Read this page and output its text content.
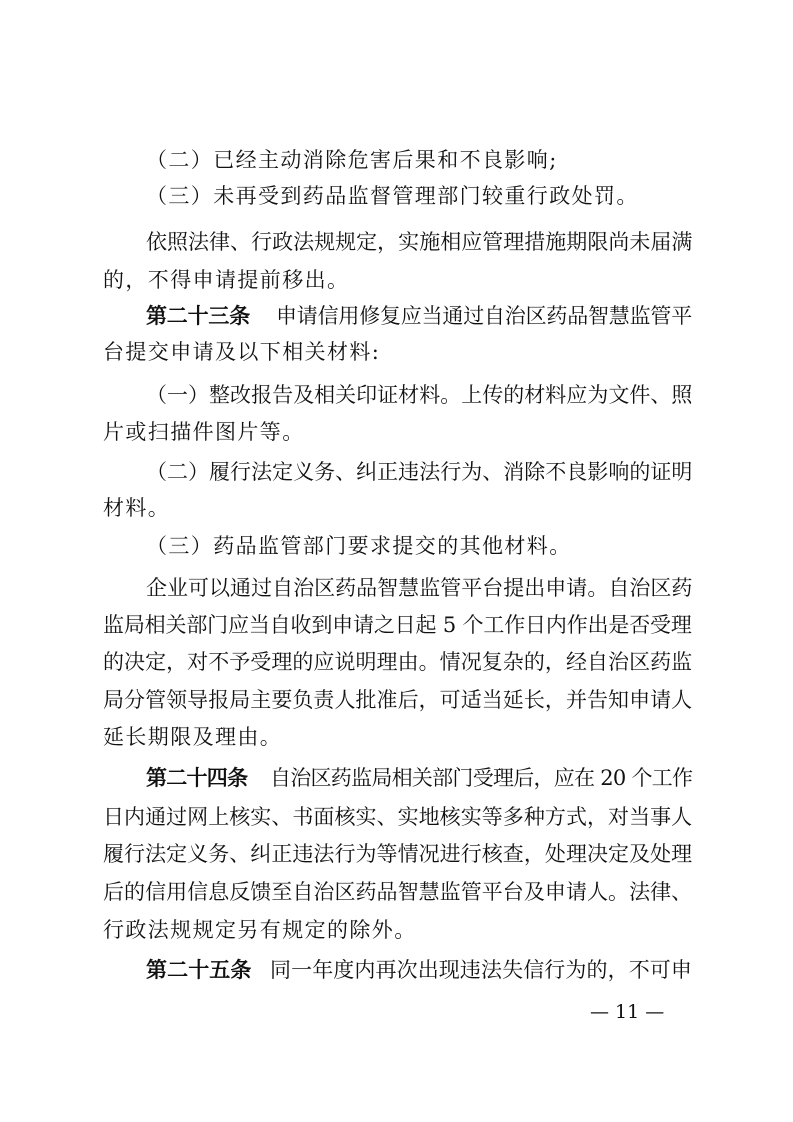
（二）已经主动消除危害后果和不良影响;
（三）未再受到药品监督管理部门较重行政处罚。
依照法律、行政法规规定，实施相应管理措施期限尚未届满
的，不得申请提前移出。
第二十三条 申请信用修复应当通过自治区药品智慧监管平
台提交申请及以下相关材料:
（一）整改报告及相关印证材料。上传的材料应为文件、照
片或扫描件图片等。
（二）履行法定义务、纠正违法行为、消除不良影响的证明
材料。
（三）药品监管部门要求提交的其他材料。
企业可以通过自治区药品智慧监管平台提出申请。自治区药
监局相关部门应当自收到申请之日起 5 个工作日内作出是否受理
的决定，对不予受理的应说明理由。情况复杂的，经自治区药监
局分管领导报局主要负责人批准后，可适当延长，并告知申请人
延长期限及理由。
第二十四条 自治区药监局相关部门受理后，应在 20 个工作
日内通过网上核实、书面核实、实地核实等多种方式，对当事人
履行法定义务、纠正违法行为等情况进行核查，处理决定及处理
后的信用信息反馈至自治区药品智慧监管平台及申请人。法律、
行政法规规定另有规定的除外。
第二十五条 同一年度内再次出现违法失信行为的，不可申
— 11 —
